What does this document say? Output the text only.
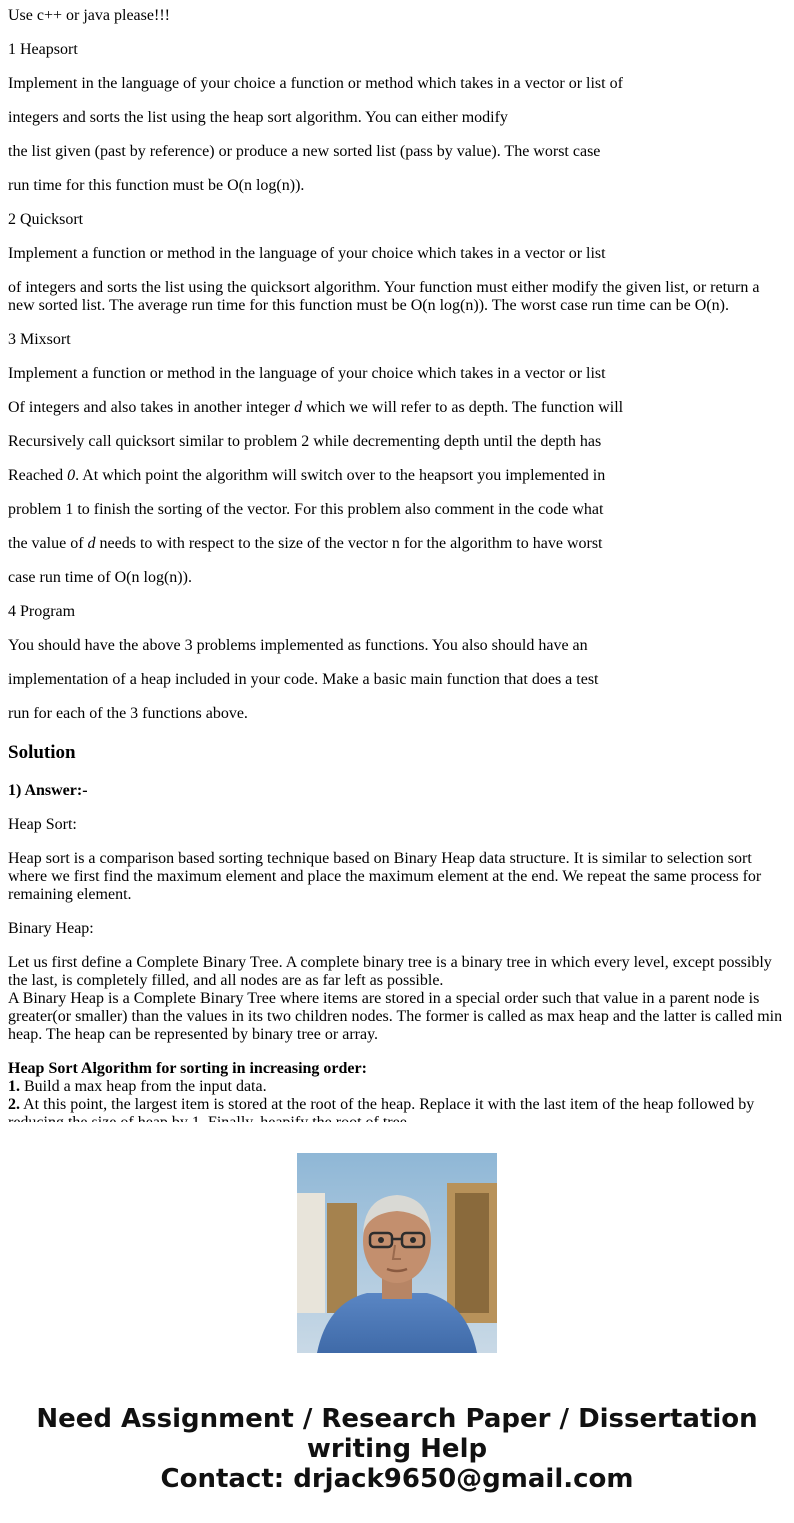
Use c++ or java please!!!

1 Heapsort

Implement in the language of your choice a function or method which takes in a vector or list of

integers and sorts the list using the heap sort algorithm. You can either modify

the list given (past by reference) or produce a new sorted list (pass by value). The worst case

run time for this function must be O(n log(n)).

2 Quicksort

Implement a function or method in the language of your choice which takes in a vector or list

of integers and sorts the list using the quicksort algorithm. Your function must either modify the given list, or return a new sorted list. The average run time for this function must be O(n log(n)). The worst case run time can be O(n).

3 Mixsort

Implement a function or method in the language of your choice which takes in a vector or list

Of integers and also takes in another integer d which we will refer to as depth. The function will

Recursively call quicksort similar to problem 2 while decrementing depth until the depth has

Reached 0. At which point the algorithm will switch over to the heapsort you implemented in

problem 1 to finish the sorting of the vector. For this problem also comment in the code what

the value of d needs to with respect to the size of the vector n for the algorithm to have worst

case run time of O(n log(n)).

4 Program

You should have the above 3 problems implemented as functions. You also should have an

implementation of a heap included in your code. Make a basic main function that does a test

run for each of the 3 functions above.

Solution

1) Answer:-

Heap Sort:

Heap sort is a comparison based sorting technique based on Binary Heap data structure. It is similar to selection sort where we first find the maximum element and place the maximum element at the end. We repeat the same process for remaining element.

Binary Heap:

Let us first define a Complete Binary Tree. A complete binary tree is a binary tree in which every level, except possibly the last, is completely filled, and all nodes are as far left as possible.
A Binary Heap is a Complete Binary Tree where items are stored in a special order such that value in a parent node is greater(or smaller) than the values in its two children nodes. The former is called as max heap and the latter is called min heap. The heap can be represented by binary tree or array.

Heap Sort Algorithm for sorting in increasing order:
1. Build a max heap from the input data.
2. At this point, the largest item is stored at the root of the heap. Replace it with the last item of the heap followed by

Need Assignment / Research Paper / Dissertation
writing Help
Contact: drjack9650@gmail.com
